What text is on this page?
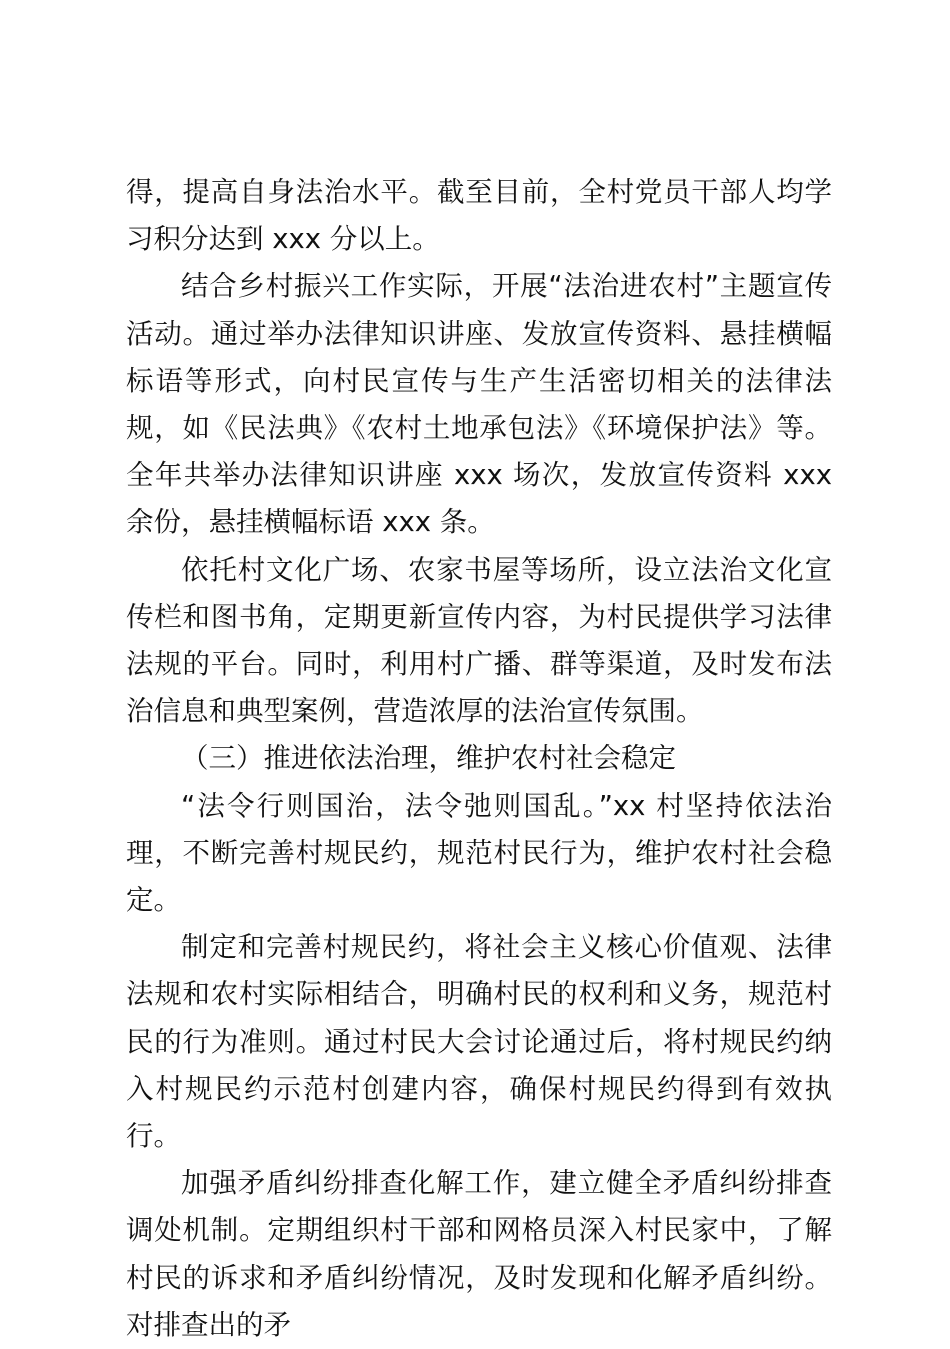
得，提高自身法治水平。截至目前，全村党员干部人均学习积分达到 xxx 分以上。

结合乡村振兴工作实际，开展“法治进农村”主题宣传活动。通过举办法律知识讲座、发放宣传资料、悬挂横幅标语等形式，向村民宣传与生产生活密切相关的法律法规，如《民法典》《农村土地承包法》《环境保护法》等。全年共举办法律知识讲座 xxx 场次，发放宣传资料 xxx 余份，悬挂横幅标语 xxx 条。

依托村文化广场、农家书屋等场所，设立法治文化宣传栏和图书角，定期更新宣传内容，为村民提供学习法律法规的平台。同时，利用村广播、群等渠道，及时发布法治信息和典型案例，营造浓厚的法治宣传氛围。

（三）推进依法治理，维护农村社会稳定

“法令行则国治，法令弛则国乱。”xx 村坚持依法治理，不断完善村规民约，规范村民行为，维护农村社会稳定。

制定和完善村规民约，将社会主义核心价值观、法律法规和农村实际相结合，明确村民的权利和义务，规范村民的行为准则。通过村民大会讨论通过后，将村规民约纳入村规民约示范村创建内容，确保村规民约得到有效执行。

加强矛盾纠纷排查化解工作，建立健全矛盾纠纷排查调处机制。定期组织村干部和网格员深入村民家中，了解村民的诉求和矛盾纠纷情况，及时发现和化解矛盾纠纷。对排查出的矛
